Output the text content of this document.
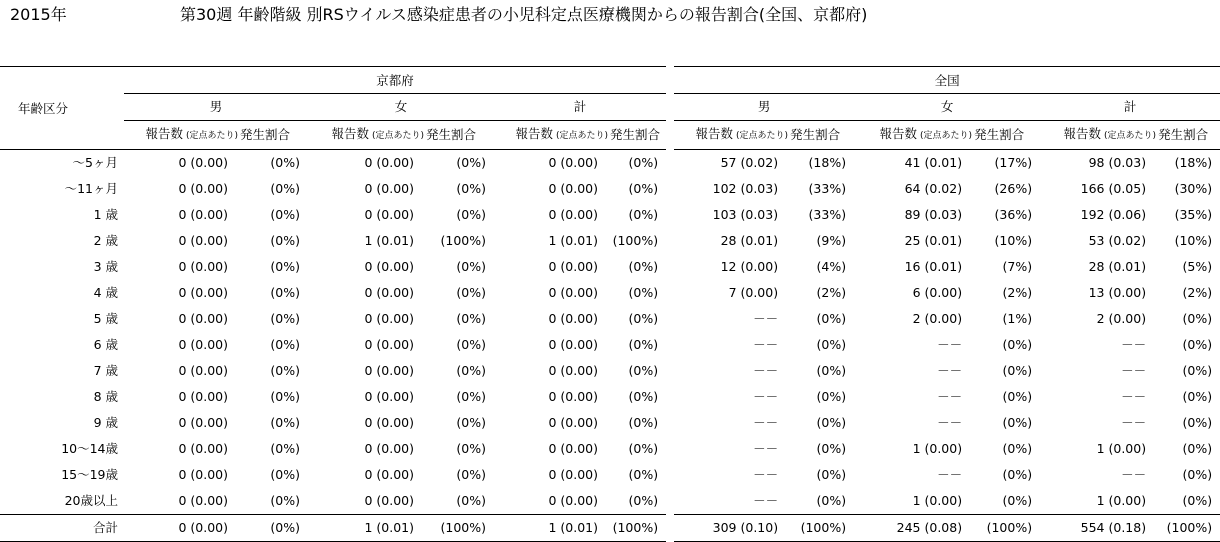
2015年	第30週 年齢階級 別RSウイルス感染症患者の小児科定点医療機関からの報告割合(全国、京都府)
年齢区分	京都府						全国					
	男		女		計		男		女		計	
	報告数 (定点あたり)	発生割合	報告数 (定点あたり)	発生割合	報告数 (定点あたり)	発生割合	報告数 (定点あたり)	発生割合	報告数 (定点あたり)	発生割合	報告数 (定点あたり)	発生割合
～5ヶ月	0 (0.00)	(0%)	0 (0.00)	(0%)	0 (0.00)	(0%)	57 (0.02)	(18%)	41 (0.01)	(17%)	98 (0.03)	(18%)
～11ヶ月	0 (0.00)	(0%)	0 (0.00)	(0%)	0 (0.00)	(0%)	102 (0.03)	(33%)	64 (0.02)	(26%)	166 (0.05)	(30%)
1 歳	0 (0.00)	(0%)	0 (0.00)	(0%)	0 (0.00)	(0%)	103 (0.03)	(33%)	89 (0.03)	(36%)	192 (0.06)	(35%)
2 歳	0 (0.00)	(0%)	1 (0.01)	(100%)	1 (0.01)	(100%)	28 (0.01)	(9%)	25 (0.01)	(10%)	53 (0.02)	(10%)
3 歳	0 (0.00)	(0%)	0 (0.00)	(0%)	0 (0.00)	(0%)	12 (0.00)	(4%)	16 (0.01)	(7%)	28 (0.01)	(5%)
4 歳	0 (0.00)	(0%)	0 (0.00)	(0%)	0 (0.00)	(0%)	7 (0.00)	(2%)	6 (0.00)	(2%)	13 (0.00)	(2%)
5 歳	0 (0.00)	(0%)	0 (0.00)	(0%)	0 (0.00)	(0%)	－－	(0%)	2 (0.00)	(1%)	2 (0.00)	(0%)
6 歳	0 (0.00)	(0%)	0 (0.00)	(0%)	0 (0.00)	(0%)	－－	(0%)	－－	(0%)	－－	(0%)
7 歳	0 (0.00)	(0%)	0 (0.00)	(0%)	0 (0.00)	(0%)	－－	(0%)	－－	(0%)	－－	(0%)
8 歳	0 (0.00)	(0%)	0 (0.00)	(0%)	0 (0.00)	(0%)	－－	(0%)	－－	(0%)	－－	(0%)
9 歳	0 (0.00)	(0%)	0 (0.00)	(0%)	0 (0.00)	(0%)	－－	(0%)	－－	(0%)	－－	(0%)
10～14歳	0 (0.00)	(0%)	0 (0.00)	(0%)	0 (0.00)	(0%)	－－	(0%)	1 (0.00)	(0%)	1 (0.00)	(0%)
15～19歳	0 (0.00)	(0%)	0 (0.00)	(0%)	0 (0.00)	(0%)	－－	(0%)	－－	(0%)	－－	(0%)
20歳以上	0 (0.00)	(0%)	0 (0.00)	(0%)	0 (0.00)	(0%)	－－	(0%)	1 (0.00)	(0%)	1 (0.00)	(0%)
合計	0 (0.00)	(0%)	1 (0.01)	(100%)	1 (0.01)	(100%)	309 (0.10)	(100%)	245 (0.08)	(100%)	554 (0.18)	(100%)
